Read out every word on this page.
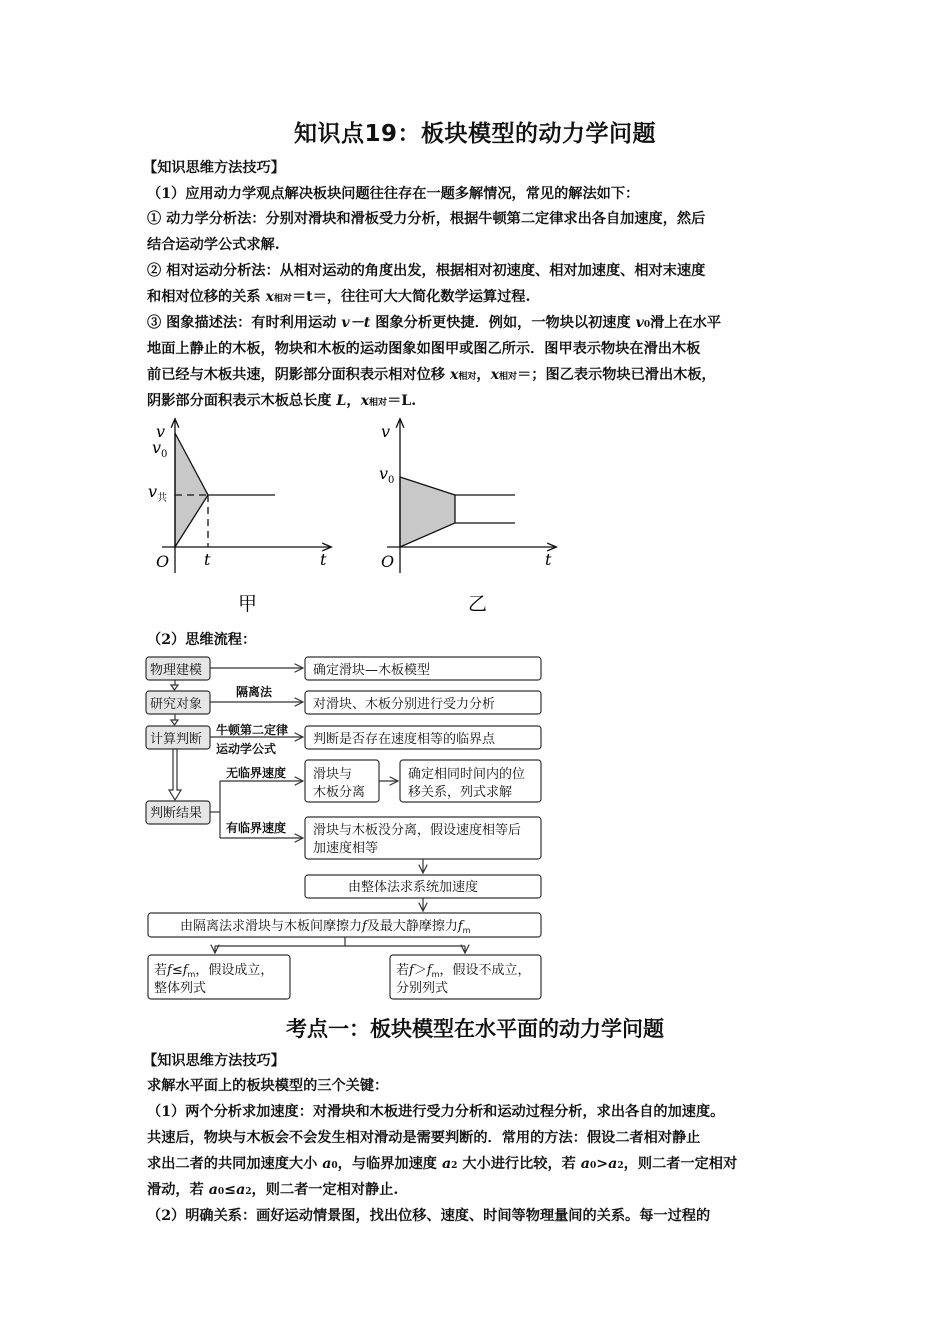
知识点19：板块模型的动力学问题
【知识思维方法技巧】
（1）应用动力学观点解决板块问题往往存在一题多解情况，常见的解法如下：
① 动力学分析法：分别对滑块和滑板受力分析，根据牛顿第二定律求出各自加速度，然后
结合运动学公式求解.
② 相对运动分析法：从相对运动的角度出发，根据相对初速度、相对加速度、相对末速度
和相对位移的关系 x相对＝t＝，往往可大大简化数学运算过程.
③ 图象描述法：有时利用运动 v－t 图象分析更快捷．例如，一物块以初速度 v0滑上在水平
地面上静止的木板，物块和木板的运动图象如图甲或图乙所示．图甲表示物块在滑出木板
前已经与木板共速，阴影部分面积表示相对位移 x相对，x相对＝；图乙表示物块已滑出木板，
阴影部分面积表示木板总长度 L，x相对＝L.
v
$v_0$
$v_共$
O t	t
甲
v
$v_0$
O	t
乙
（2）思维流程：
物理建模
研究对象
计算判断
判断结果
确定滑块—木板模型
对滑块、木板分别进行受力分析
判断是否存在速度相等的临界点
滑块与
木板分离
确定相同时间内的位
移关系，列式求解
滑块与木板没分离，假设速度相等后
加速度相等
由整体法求系统加速度
由隔离法求滑块与木板间摩擦力f及最大静摩擦力$f_m$
若$f\le f_m$，假设成立，
整体列式
若$f>f_m$，假设不成立，
分别列式
隔离法
牛顿第二定律
运动学公式
无临界速度
有临界速度
考点一：板块模型在水平面的动力学问题
【知识思维方法技巧】
求解水平面上的板块模型的三个关键：
（1）两个分析求加速度：对滑块和木板进行受力分析和运动过程分析，求出各自的加速度。
共速后，物块与木板会不会发生相对滑动是需要判断的．常用的方法：假设二者相对静止
求出二者的共同加速度大小 a0，与临界加速度 a2 大小进行比较，若 a0>a2，则二者一定相对
滑动，若 a0≤a2，则二者一定相对静止.
（2）明确关系：画好运动情景图，找出位移、速度、时间等物理量间的关系。每一过程的
